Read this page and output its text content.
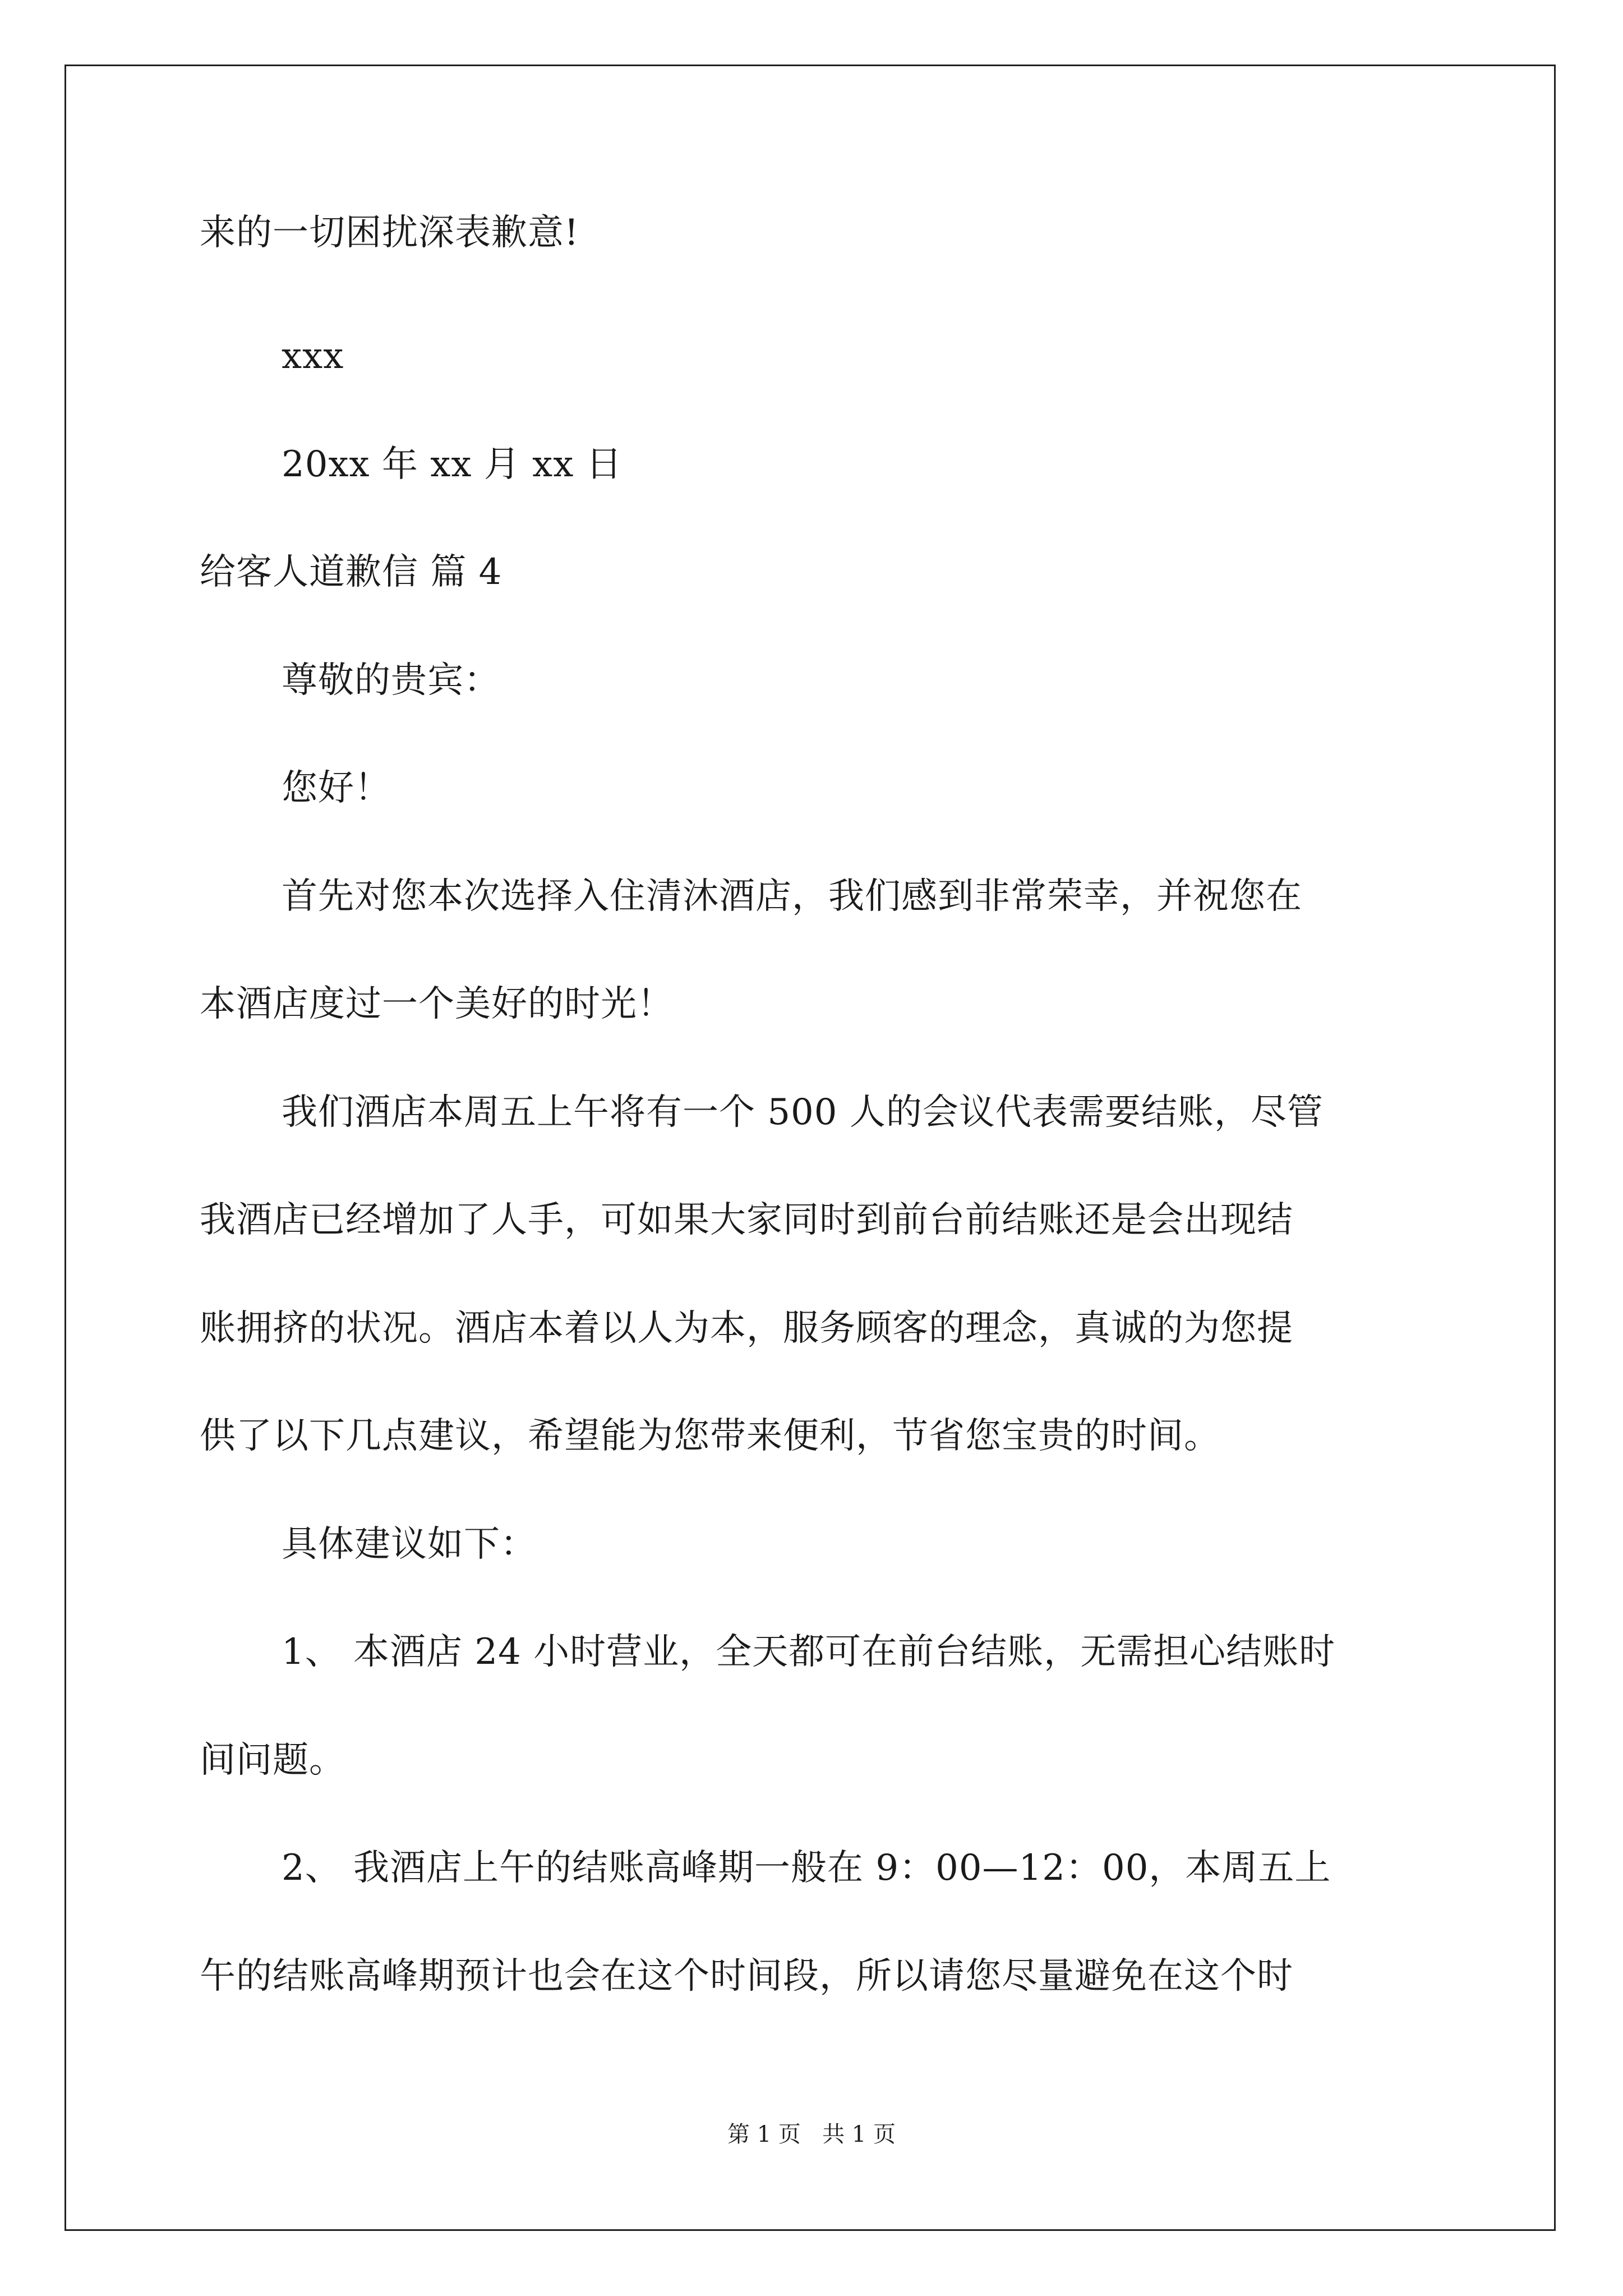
来的一切困扰深表歉意!
xxx
20xx 年 xx 月 xx 日
给客人道歉信 篇 4
尊敬的贵宾：
您好！
首先对您本次选择入住清沐酒店，我们感到非常荣幸，并祝您在
本酒店度过一个美好的时光！
我们酒店本周五上午将有一个 500 人的会议代表需要结账，尽管
我酒店已经增加了人手，可如果大家同时到前台前结账还是会出现结
账拥挤的状况。酒店本着以人为本，服务顾客的理念，真诚的为您提
供了以下几点建议，希望能为您带来便利，节省您宝贵的时间。
具体建议如下：
1、 本酒店 24 小时营业，全天都可在前台结账，无需担心结账时
间问题。
2、 我酒店上午的结账高峰期一般在 9：00—12：00，本周五上
午的结账高峰期预计也会在这个时间段，所以请您尽量避免在这个时
第 1 页   共 1 页
